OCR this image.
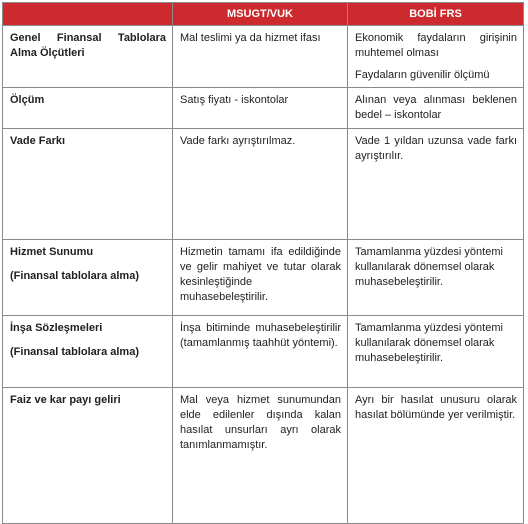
	MSUGT/VUK	BOBİ FRS
Genel Finansal Tablolara Alma Ölçütleri	Mal teslimi ya da hizmet ifası	Ekonomik faydaların girişinin muhtemel olması

Faydaların güvenilir ölçümü

Ölçüm	Satış fiyatı - iskontolar	Alınan veya alınması beklenen bedel – iskontolar

Vade Farkı	Vade farkı ayrıştırılmaz.	Vade 1 yıldan uzunsa vade farkı ayrıştırılır.

Hizmet Sunumu
(Finansal tablolara alma)	Hizmetin tamamı ifa edildiğinde ve gelir mahiyet ve tutar olarak kesinleştiğinde muhasebeleştirilir.	Tamamlanma yüzdesi yöntemi kullanılarak dönemsel olarak muhasebeleştirilir.

İnşa Sözleşmeleri
(Finansal tablolara alma)	İnşa bitiminde muhasebeleştirilir (tamamlanmış taahhüt yöntemi).	Tamamlanma yüzdesi yöntemi kullanılarak dönemsel olarak muhasebeleştirilir.

Faiz ve kar payı geliri	Mal veya hizmet sunumundan elde edilenler dışında kalan hasılat unsurları ayrı olarak tanımlanmamıştır.	Ayrı bir hasılat unusuru olarak hasılat bölümünde yer verilmiştir.
